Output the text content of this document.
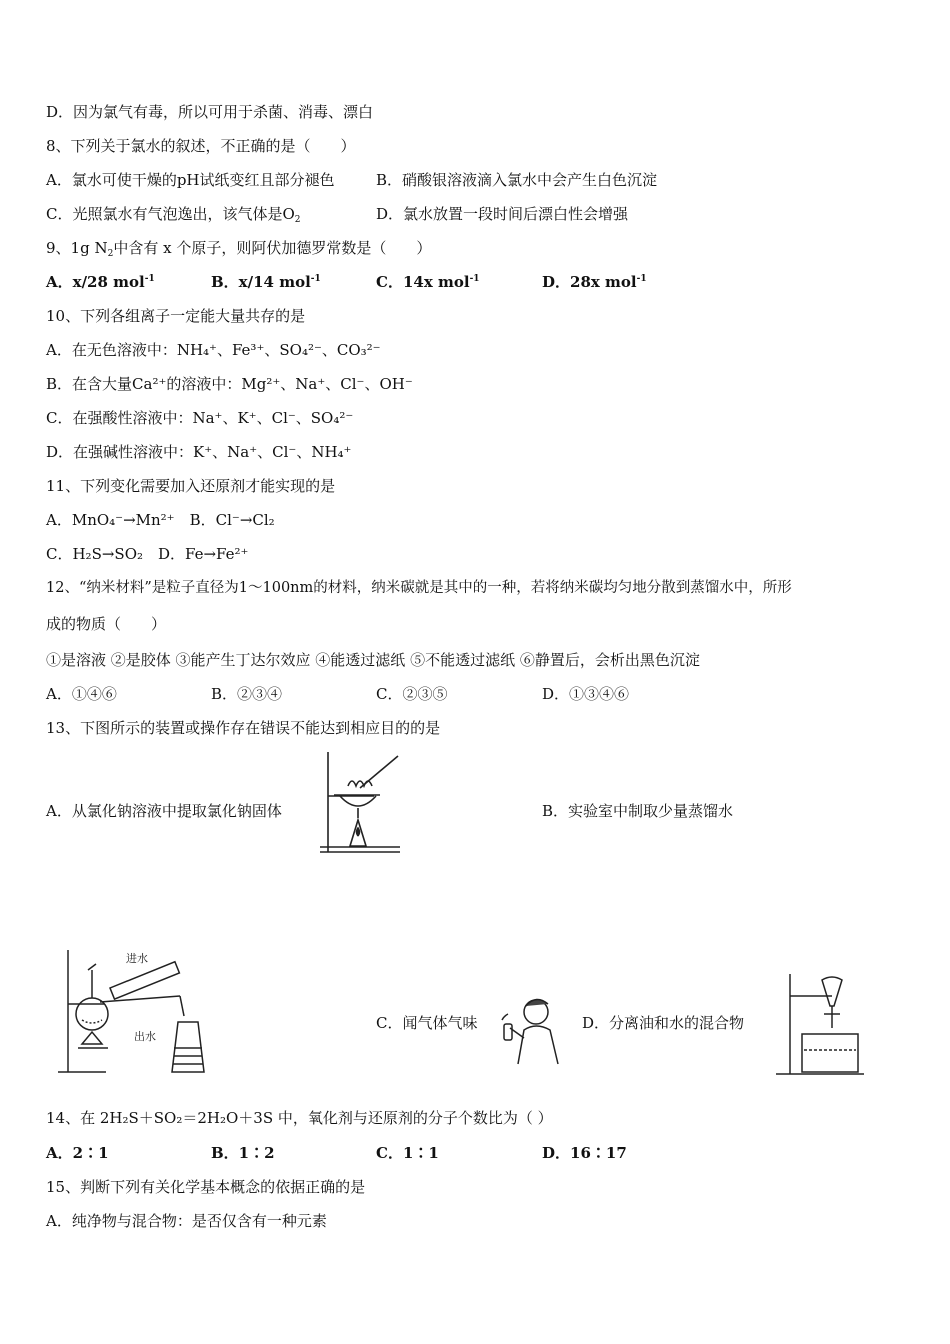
D．因为氯气有毒，所以可用于杀菌、消毒、漂白
8、下列关于氯水的叙述，不正确的是（　　）
A．氯水可使干燥的pH试纸变红且部分褪色	B．硝酸银溶液滴入氯水中会产生白色沉淀
C．光照氯水有气泡逸出，该气体是$O_2$	D．氯水放置一段时间后漂白性会增强
9、1g $N_2$中含有 x 个原子，则阿伏加德罗常数是（　　）
A．x/28 mol$^{-1}$	B．x/14 mol$^{-1}$	C．14x mol$^{-1}$	D．28x mol$^{-1}$
10、下列各组离子一定能大量共存的是
A．在无色溶液中：NH₄⁺、Fe³⁺、SO₄²⁻、CO₃²⁻
B．在含大量Ca²⁺的溶液中：Mg²⁺、Na⁺、Cl⁻、OH⁻
C．在强酸性溶液中：Na⁺、K⁺、Cl⁻、SO₄²⁻
D．在强碱性溶液中：K⁺、Na⁺、Cl⁻、NH₄⁺
11、下列变化需要加入还原剂才能实现的是
A．MnO₄⁻→Mn²⁺　B．Cl⁻→Cl₂
C．H₂S→SO₂　D．Fe→Fe²⁺
12、“纳米材料”是粒子直径为1～100nm的材料，纳米碳就是其中的一种，若将纳米碳均匀地分散到蒸馏水中，所形
成的物质（　　）
①是溶液 ②是胶体 ③能产生丁达尔效应 ④能透过滤纸 ⑤不能透过滤纸 ⑥静置后，会析出黑色沉淀
A．①④⑥	B．②③④	C．②③⑤	D．①③④⑥
13、下图所示的装置或操作存在错误不能达到相应目的的是
A．从氯化钠溶液中提取氯化钠固体	B．实验室中制取少量蒸馏水
C．闻气体气味	D．分离油和水的混合物
进水
出水
14、在 2H₂S＋SO₂＝2H₂O＋3S 中，氧化剂与还原剂的分子个数比为（ ）
A．2∶1	B．1∶2	C．1∶1	D．16∶17
15、判断下列有关化学基本概念的依据正确的是
A．纯净物与混合物：是否仅含有一种元素
